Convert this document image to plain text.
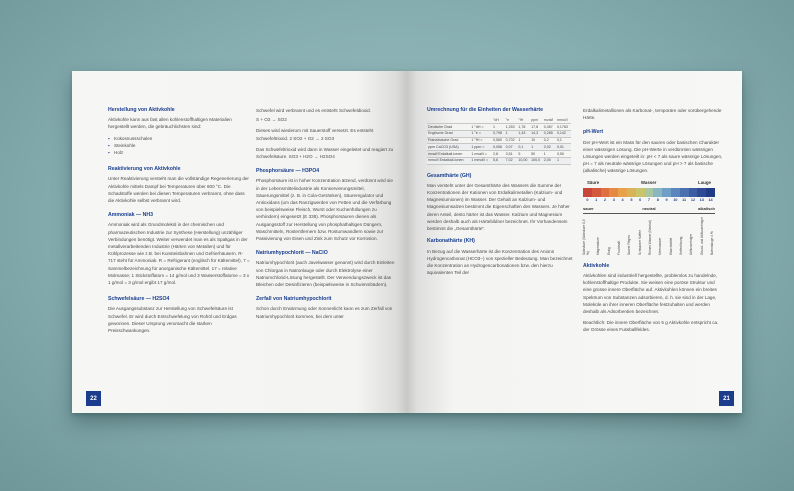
Herstellung von Aktivkohle

Aktivkohle kann aus fast allen kohlenstoffhaltigen Materialien hergestellt werden, die gebräuchlichsten sind:

▪ Kokosnussschalen
▪ Steinkohle
▪ Holz
Reaktivierung von Aktivkohle

Unter Reaktivierung versteht man die vollständige Regenerierung der Aktivkohle mittels Dampf bei Temperaturen über 600 °C. Die Schadstoffe werden bei diesen Temperaturen verbrannt, ohne dass die Aktivkohle selbst verbrannt wird.

Ammoniak — NH3

Ammoniak wird als Grundmolekül in der chemischen und pharmazeutischen Industrie zur Synthese (Herstellung) unzähliger Verbindungen benötigt. Weiter verwendet man es als Spaltgas in der metallverarbeitenden Industrie (Härten von Metallen) und für Kühlprozesse wie z.B. bei Kunsteisbahnen und Gefrierhäusern. R-717 steht für Ammoniak. R = Refrigerant (englisch für Kältemittel), 7 = Sammelbezeichnung für anorganische Kältemittel. 17 = relative Molmasse; 1 Stickstoffatom = 14 g/mol und 3 Wasserstoffatome = 3 x 1 g/mol = 3 g/mol ergibt 17 g/mol.

Schwefelsäure — H2SO4

Die Ausgangssubstanz zur Herstellung von Schwefelsäure ist Schwefel. Er wird durch Entschwefelung von Rohöl und Erdgas gewonnen. Dieser Ursprung verursacht die starken Preisschwankungen.

Schwefel wird verbrannt und es entsteht Schwefeldioxid.

S + O2 → SO2

Dieses wird wiederum mit Sauerstoff versetzt. Es entsteht Schwefeltrioxid. 2 SO2 + O2 → 2 SO3

Das Schwefeltrioxid wird dann in Wasser eingeleitet und reagiert zu Schwefelsäure. SO3 + H2O → H2SO4

Phosphorsäure — H3PO4

Phosphorsäure ist in hoher Konzentration ätzend, verdünnt wird sie in der Lebensmittelindustrie als Konservierungsmittel, Säuerungsmittel (z. B. in Cola-Getränken), Säureregulator und Antioxidans (um das Ranzigwerden von Fetten und die Verfärbung von beispielsweise Fleisch, Wurst oder Kuchenfüllungen zu verhindern) eingesetzt (E 338). Phosphorsäuren dienen als Ausgangsstoff zur Herstellung von phosphathaltigen Düngern, Waschmitteln, Rostentfernern bzw. Rostumwandlern sowie zur Passivierung von Eisen und Zink zum Schutz vor Korrosion.

Natriumhypochlorit — NaClO

Natriumhypochlorit (auch Javelwasser genannt) wird durch Einleiten von Chlorgas in Natronlauge oder durch Elektrolyse einer Natriumchlorid-Lösung hergestellt. Der Verwendungszweck ist das Bleichen oder Desinfizieren (beispielsweise in Schwimmbädern).

Zerfall von Natriumhypochlorit

Schon durch Erwärmung oder Sonnenlicht kann es zum Zerfall von Natriumhypochlorit kommen, bei dem unter

22
Umrechnung für die Einheiten der Wasserhärte
		°dH	°e	°fH	ppm	mval/l	mmol/l
Deutsche Grad	1 °dH =	1	1,253	1,78	17,8	0,357	0,1783
Englische Grad	1 °e =	0,798	1	1,43	14,3	0,285	0,142
Französische Grad	1 °fH =	0,560	0,702	1	10	0,2	0,1
ppm CaCO3 (USA)	1 ppm =	0,056	0,07	0,1	1	0,02	0,01
mval/l Erdalkali-Ionen	1 mval/l =	2,8	3,51	5	50	1	0,50
mmol/l Erdalkali-Ionen	1 mmol/l =	5,6	7,02	10,00	100,0	2,00	1
Gesamthärte (GH)

Man versteht unter der Gesamthärte des Wassers die Summe der Konzentrationen der Kationen von Erdalkalimetallen (Kalzium- und Magnesiumionen) im Wasser. Der Gehalt an Kalzium- und Magnesiumsalzen bestimmt die Eigenschaften des Wassers. Je höher deren Anteil, desto härter ist das Wasser. Kalzium und Magnesium werden deshalb auch als Härtebildner bezeichnet. Ihr Vorhandensein bestimmt die „Gesamthärte“.

Karbonathärte (KH)

In Bezug auf die Wasserhärte ist die Konzentration des Anions Hydrogencarbonat (HCO3−) von spezieller Bedeutung. Man bezeichnet die Konzentration an Hydrogencarbonationen bzw. den hierzu äquivalenten Teil der

Erdalkalimetallionen als Karbonat-, temporäre oder vorübergehende Härte.

pH-Wert

Der pH-Wert ist ein Mass für den sauren oder basischen Charakter einer wässrigen Lösung. Die pH-Werte in verdünnten wässrigen Lösungen werden eingeteilt in: pH < 7 als saure wässrige Lösungen, pH = 7 als neutrale wässrige Lösungen und pH > 7 als basische (alkalische) wässrige Lösungen.

Säure	Wasser	Lauge
0	1	2	3	4	5	6	7	8	9	10	11	12	13	14
sauer	neutral	alkalisch
Salzsäure (Salzsäure 0,5 %) Magensäure Essig Fruchtsaft Saurer Regen Schwarzer Kaffee Reines Wasser (Neutral) Meerwasser Waschmittel Seifenlösung Abflussreiniger Grund- und Abflussreiniger Natronlauge 4 %
Aktivkohle

Aktivkohlen sind industriell hergestellte, problemlos zu handelnde, kohlenstoffhaltige Produkte. Sie weisen eine poröse Struktur und eine grosse innere Oberfläche auf. Aktivkohlen können ein breites Spektrum von Substanzen adsorbieren, d. h. sie sind in der Lage, Moleküle an ihrer inneren Oberfläche festzuhalten und werden deshalb als Adsorbentien bezeichnet.

Beachtlich: Die innere Oberfläche von 5 g Aktivkohle entspricht ca. der Grösse eines Fussballfeldes.

21
